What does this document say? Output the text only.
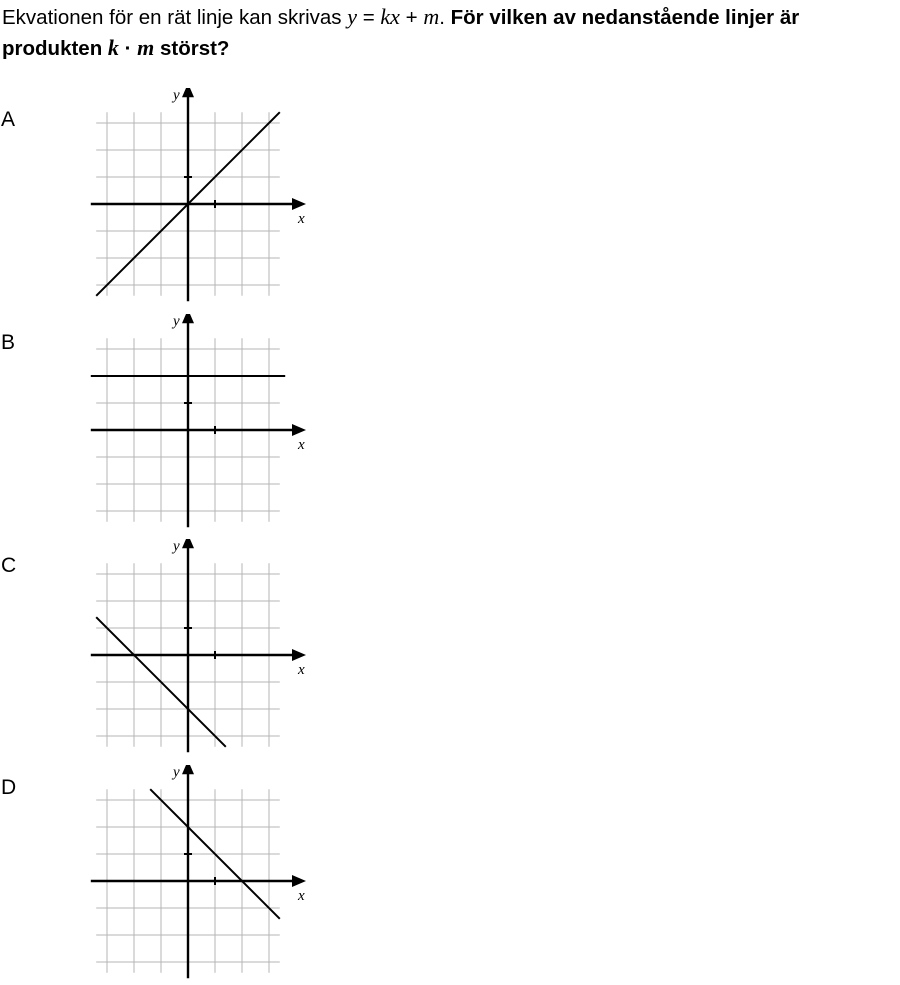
Ekvationen för en rät linje kan skrivas y = kx + m. För vilken av nedanstående linjer är produkten k · m störst?
A
x
y
B
x
y
C
x
y
D
x
y
